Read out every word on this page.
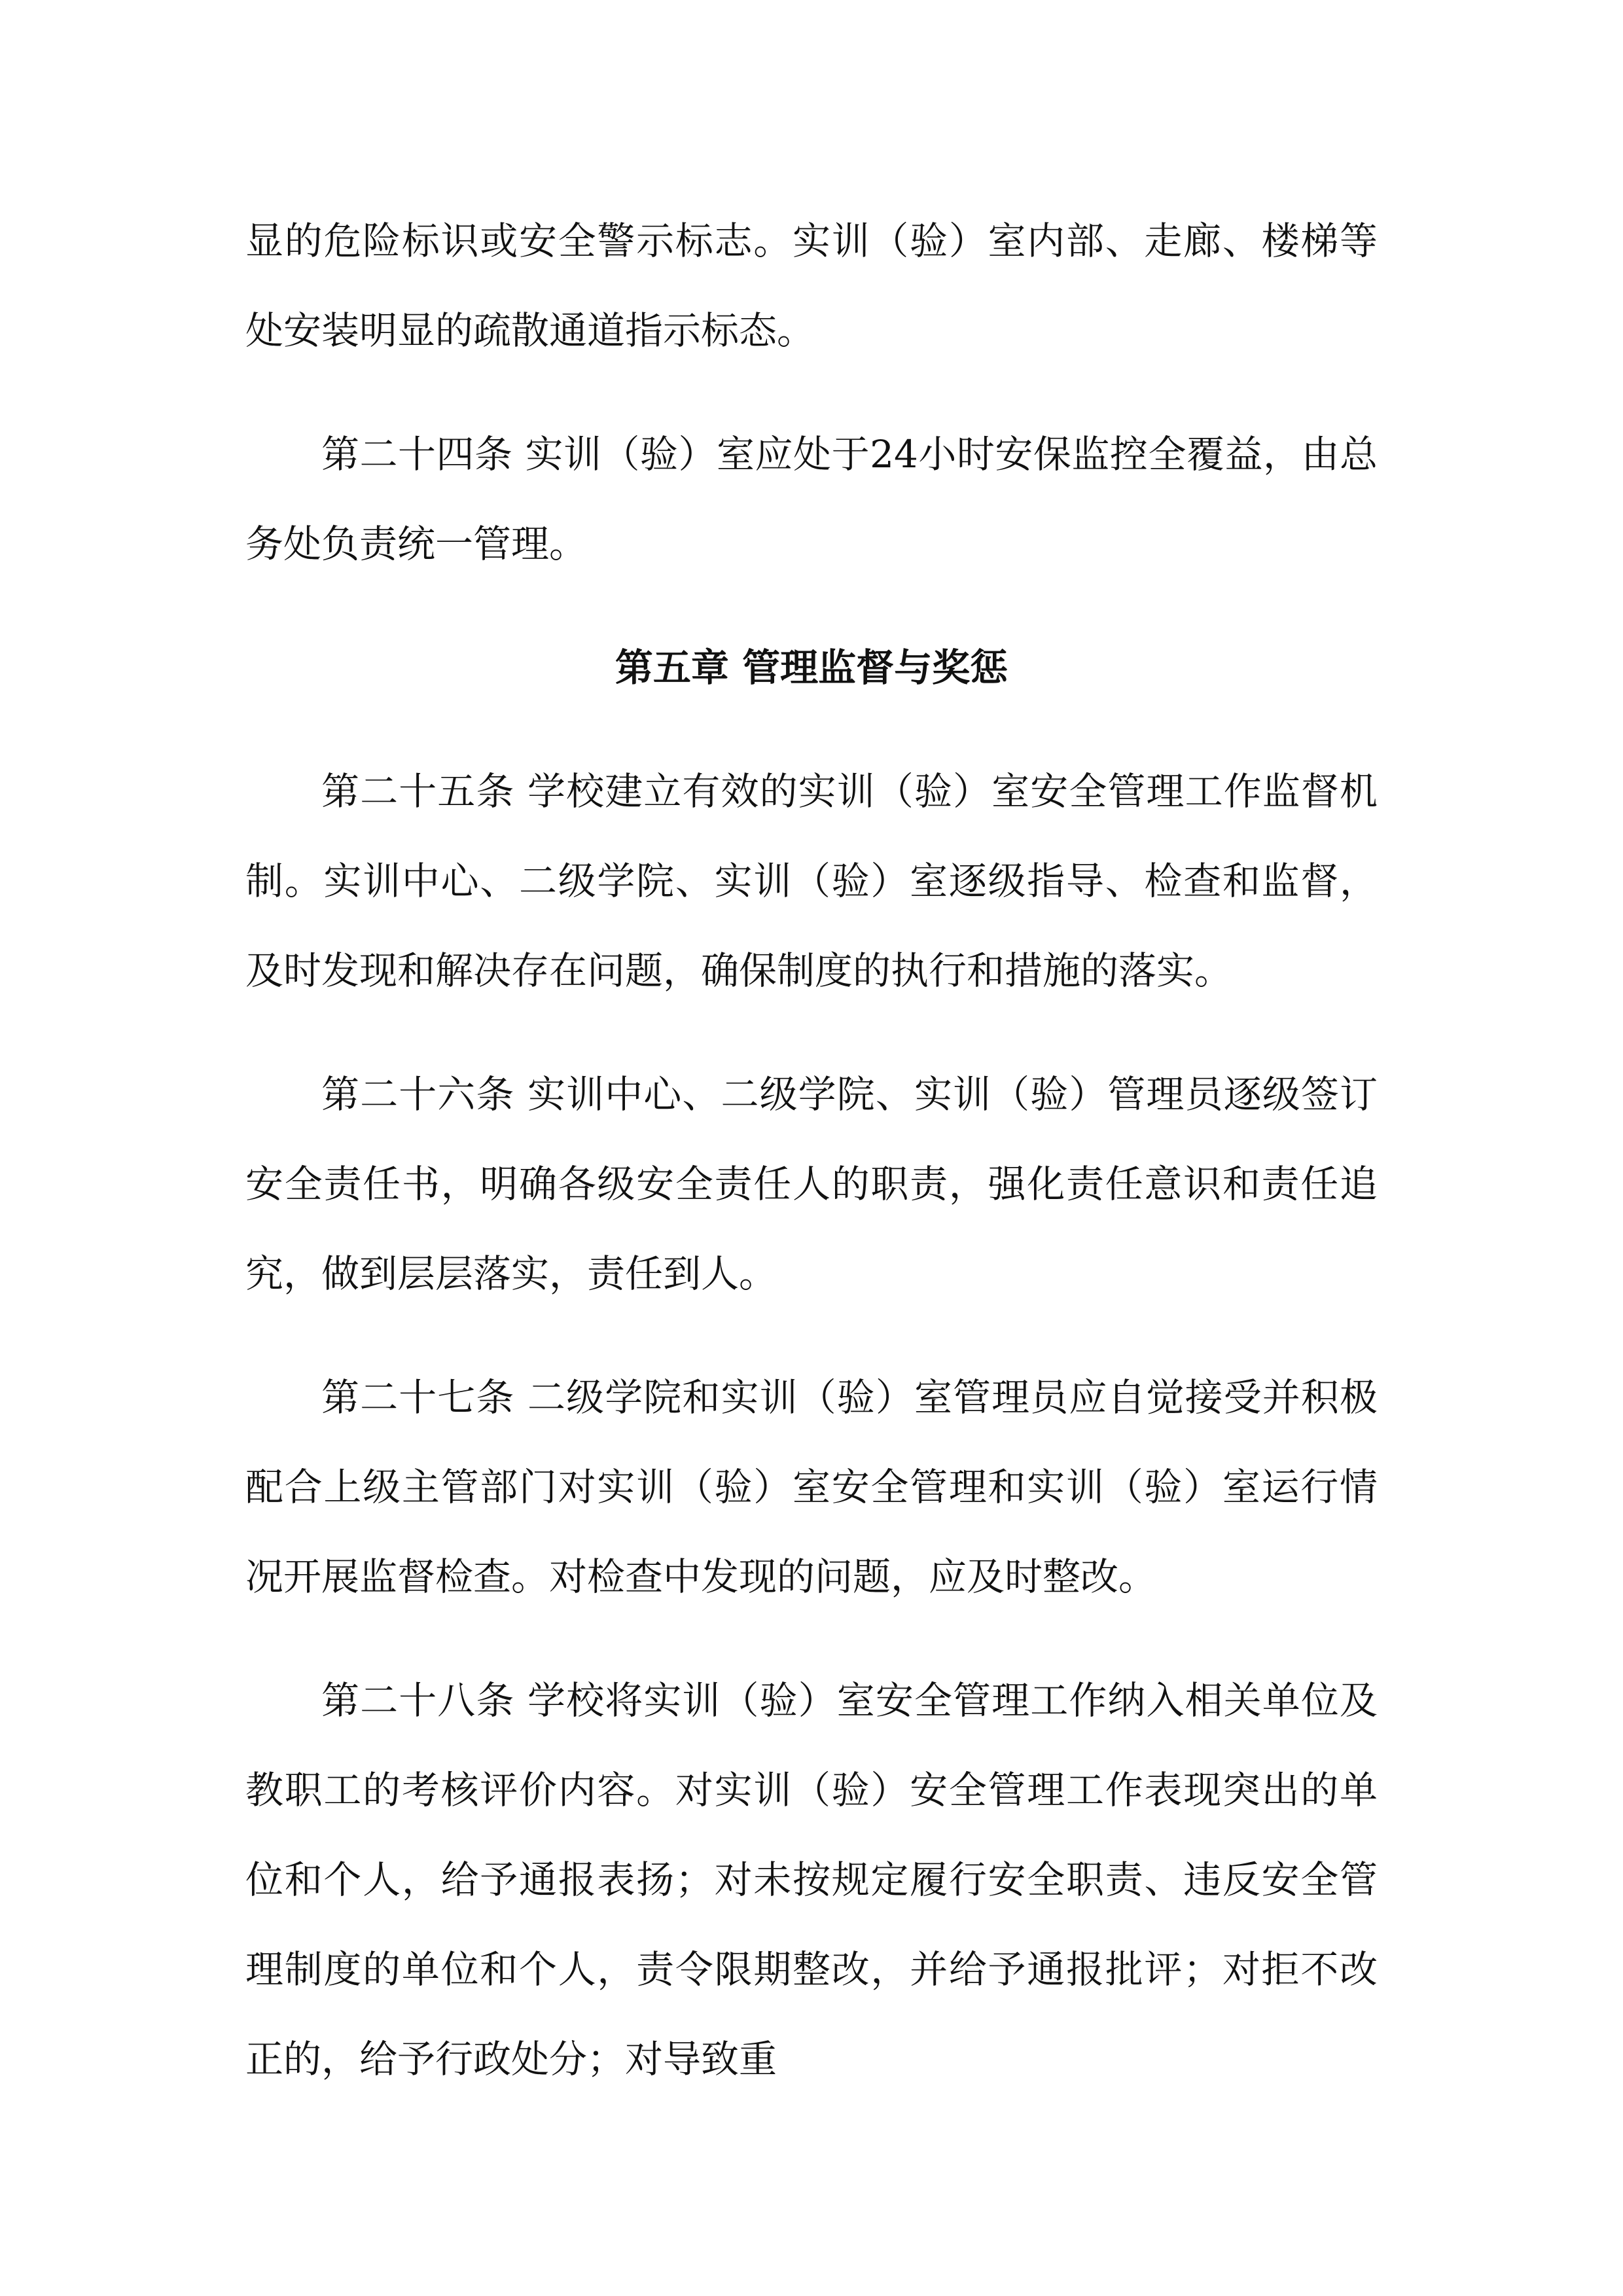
显的危险标识或安全警示标志。实训（验）室内部、走廊、楼梯等处安装明显的疏散通道指示标态。

第二十四条 实训（验）室应处于24小时安保监控全覆益，由总务处负责统一管理。

第五章 管理监督与奖惩

第二十五条 学校建立有效的实训（验）室安全管理工作监督机制。实训中心、二级学院、实训（验）室逐级指导、检查和监督，及时发现和解决存在问题，确保制度的执行和措施的落实。

第二十六条 实训中心、二级学院、实训（验）管理员逐级签订安全责任书，明确各级安全责任人的职责，强化责任意识和责任追究，做到层层落实，责任到人。

第二十七条 二级学院和实训（验）室管理员应自觉接受并积极配合上级主管部门对实训（验）室安全管理和实训（验）室运行情况开展监督检查。对检查中发现的问题，应及时整改。

第二十八条 学校将实训（验）室安全管理工作纳入相关单位及教职工的考核评价内容。对实训（验）安全管理工作表现突出的单位和个人，给予通报表扬；对未按规定履行安全职责、违反安全管理制度的单位和个人，责令限期整改，并给予通报批评；对拒不改正的，给予行政处分；对导致重
